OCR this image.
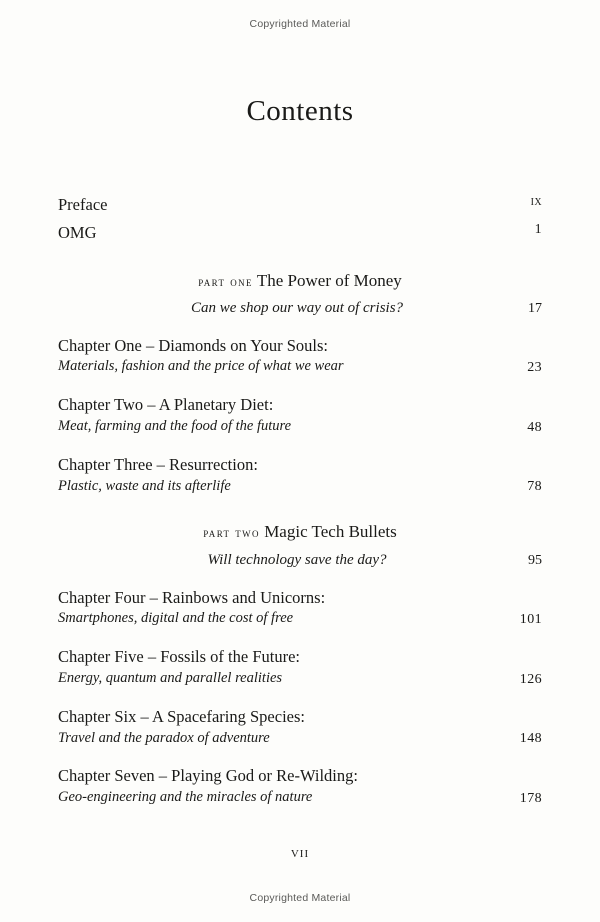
Copyrighted Material
Contents
Preface	ix
OMG	1
part one The Power of Money
Can we shop our way out of crisis?	17
Chapter One – Diamonds on Your Souls:
Materials, fashion and the price of what we wear	23
Chapter Two – A Planetary Diet:
Meat, farming and the food of the future	48
Chapter Three – Resurrection:
Plastic, waste and its afterlife	78
part two Magic Tech Bullets
Will technology save the day?	95
Chapter Four – Rainbows and Unicorns:
Smartphones, digital and the cost of free	101
Chapter Five – Fossils of the Future:
Energy, quantum and parallel realities	126
Chapter Six – A Spacefaring Species:
Travel and the paradox of adventure	148
Chapter Seven – Playing God or Re-Wilding:
Geo-engineering and the miracles of nature	178
vii
Copyrighted Material
